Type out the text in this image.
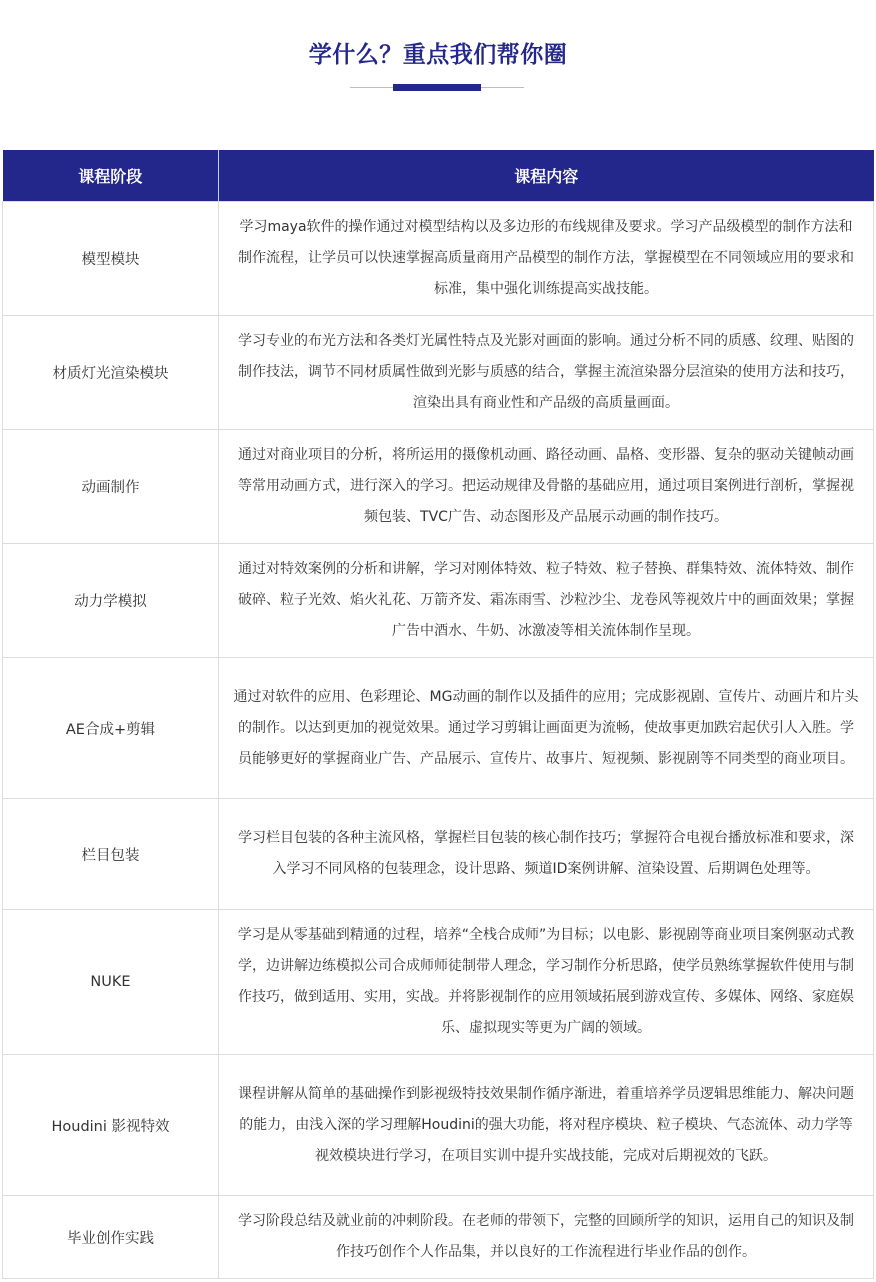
学什么？重点我们帮你圈
课程阶段	课程内容
模型模块	学习maya软件的操作通过对模型结构以及多边形的布线规律及要求。学习产品级模型的制作方法和制作流程，让学员可以快速掌握高质量商用产品模型的制作方法，掌握模型在不同领域应用的要求和标准，集中强化训练提高实战技能。
材质灯光渲染模块	学习专业的布光方法和各类灯光属性特点及光影对画面的影响。通过分析不同的质感、纹理、贴图的制作技法，调节不同材质属性做到光影与质感的结合，掌握主流渲染器分层渲染的使用方法和技巧，渲染出具有商业性和产品级的高质量画面。
动画制作	通过对商业项目的分析，将所运用的摄像机动画、路径动画、晶格、变形器、复杂的驱动关键帧动画等常用动画方式，进行深入的学习。把运动规律及骨骼的基础应用，通过项目案例进行剖析，掌握视频包装、TVC广告、动态图形及产品展示动画的制作技巧。
动力学模拟	通过对特效案例的分析和讲解，学习对刚体特效、粒子特效、粒子替换、群集特效、流体特效、制作破碎、粒子光效、焰火礼花、万箭齐发、霜冻雨雪、沙粒沙尘、龙卷风等视效片中的画面效果；掌握广告中酒水、牛奶、冰激凌等相关流体制作呈现。
AE合成+剪辑	通过对软件的应用、色彩理论、MG动画的制作以及插件的应用；完成影视剧、宣传片、动画片和片头的制作。以达到更加的视觉效果。通过学习剪辑让画面更为流畅，使故事更加跌宕起伏引人入胜。学员能够更好的掌握商业广告、产品展示、宣传片、故事片、短视频、影视剧等不同类型的商业项目。
栏目包装	学习栏目包装的各种主流风格，掌握栏目包装的核心制作技巧；掌握符合电视台播放标准和要求，深入学习不同风格的包装理念，设计思路、频道ID案例讲解、渲染设置、后期调色处理等。
NUKE	学习是从零基础到精通的过程，培养“全栈合成师”为目标；以电影、影视剧等商业项目案例驱动式教学，边讲解边练模拟公司合成师师徒制带人理念，学习制作分析思路，使学员熟练掌握软件使用与制作技巧，做到适用、实用，实战。并将影视制作的应用领域拓展到游戏宣传、多媒体、网络、家庭娱乐、虚拟现实等更为广阔的领域。
Houdini 影视特效	课程讲解从简单的基础操作到影视级特技效果制作循序渐进，着重培养学员逻辑思维能力、解决问题的能力，由浅入深的学习理解Houdini的强大功能，将对程序模块、粒子模块、气态流体、动力学等视效模块进行学习，在项目实训中提升实战技能，完成对后期视效的飞跃。
毕业创作实践	学习阶段总结及就业前的冲刺阶段。在老师的带领下，完整的回顾所学的知识，运用自己的知识及制作技巧创作个人作品集，并以良好的工作流程进行毕业作品的创作。
